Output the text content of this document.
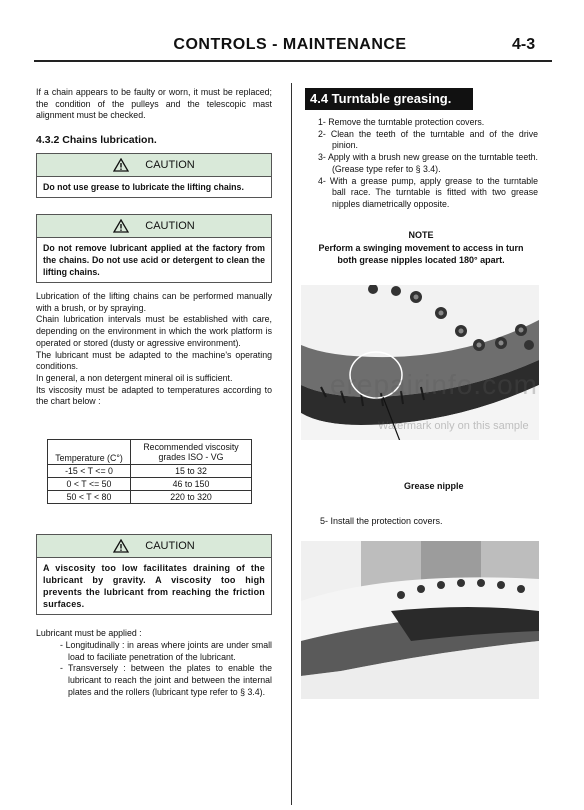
CONTROLS - MAINTENANCE	4-3
If a chain appears to be faulty or worn, it must be replaced; the condition of the pulleys and the telescopic mast alignment must be checked.
4.3.2 Chains lubrication.
CAUTION
Do not use grease to lubricate the lifting chains.
CAUTION
Do not remove lubricant applied at the factory from the chains. Do not use acid or detergent to clean the lifting chains.
Lubrication of the lifting chains can be performed manually with a brush, or by spraying.
Chain lubrication intervals must be established with care, depending on the environment in which the work platform is operated or stored (dusty or agressive environment).
The lubricant must be adapted to the machine's operating conditions.
In general, a non detergent mineral oil is sufficient.
Its viscosity must be adapted to temperatures according to the chart below :
Temperature (C°)	Recommended viscosity grades ISO - VG
-15 < T <= 0	15 to 32
0 < T <= 50	46 to 150
50 < T < 80	220 to 320
CAUTION
A viscosity too low facilitates draining of the lubricant by gravity. A viscosity too high prevents the lubricant from reaching the friction surfaces.
Lubricant must be applied :
- Longitudinally : in areas where joints are under small load to faciliate penetration of the lubricant.
- Transversely : between the plates to enable the lubricant to reach the joint and between the internal plates and the rollers (lubricant type refer to § 3.4).
4.4 Turntable greasing.
1- Remove the turntable protection covers.
2- Clean the teeth of the turntable and of the drive pinion.
3- Apply with a brush new grease on the turntable teeth. (Grease type refer to § 3.4).
4- With a grease pump, apply grease to the turntable ball race. The turntable is fitted with two grease nipples diametrically opposite.
NOTE
Perform a swinging movement to access in turn both grease nipples located 180° apart.
erepairinfo.com
Watermark only on this sample
Grease nipple
5- Install the protection covers.
